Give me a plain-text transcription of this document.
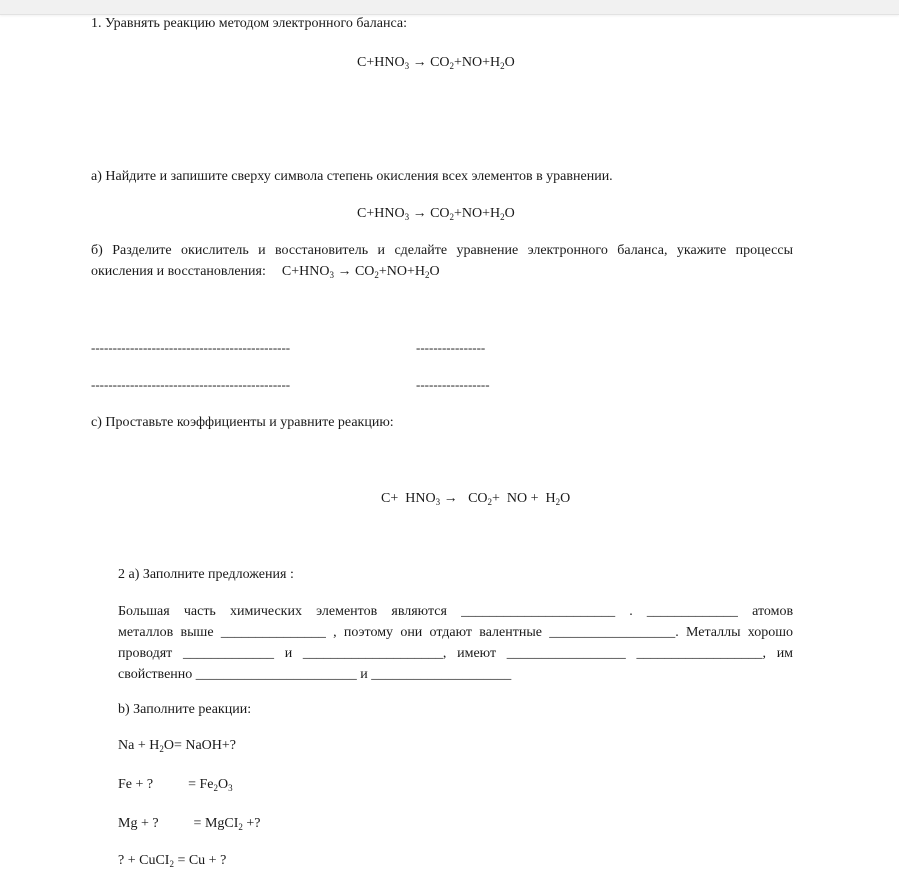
1. Уравнять реакцию методом электронного баланса:
$C+HNO_3 \to CO_2+NO+H_2O$
а) Найдите и запишите сверху символа степень окисления всех элементов в уравнении.
$C+HNO_3 \to CO_2+NO+H_2O$
б) Разделите окислитель и восстановитель и сделайте уравнение электронного баланса, укажите процессы
окисления и восстановления: $C+HNO_3 \to CO_2+NO+H_2O$
----------------------------------------------	----------------
----------------------------------------------	-----------------
с) Проставьте коэффициенты и уравните реакцию:
$C+ HNO_3 \to CO_2+$  NO +  $H_2O$
2 а) Заполните предложения :
Большая часть химических элементов являются ______________________ . _____________ атомов
металлов выше _______________ , поэтому они отдают валентные __________________. Металлы хорошо
проводят _____________ и ____________________, имеют _________________ __________________, им
свойственно _______________________ и ____________________
b) Заполните реакции:
$Na + H_2O=$ NaOH+?
Fe + ?          = $Fe_2O_3$
Mg + ?          = MgCI$_2$ +?
? + CuCI$_2$ = Cu + ?
